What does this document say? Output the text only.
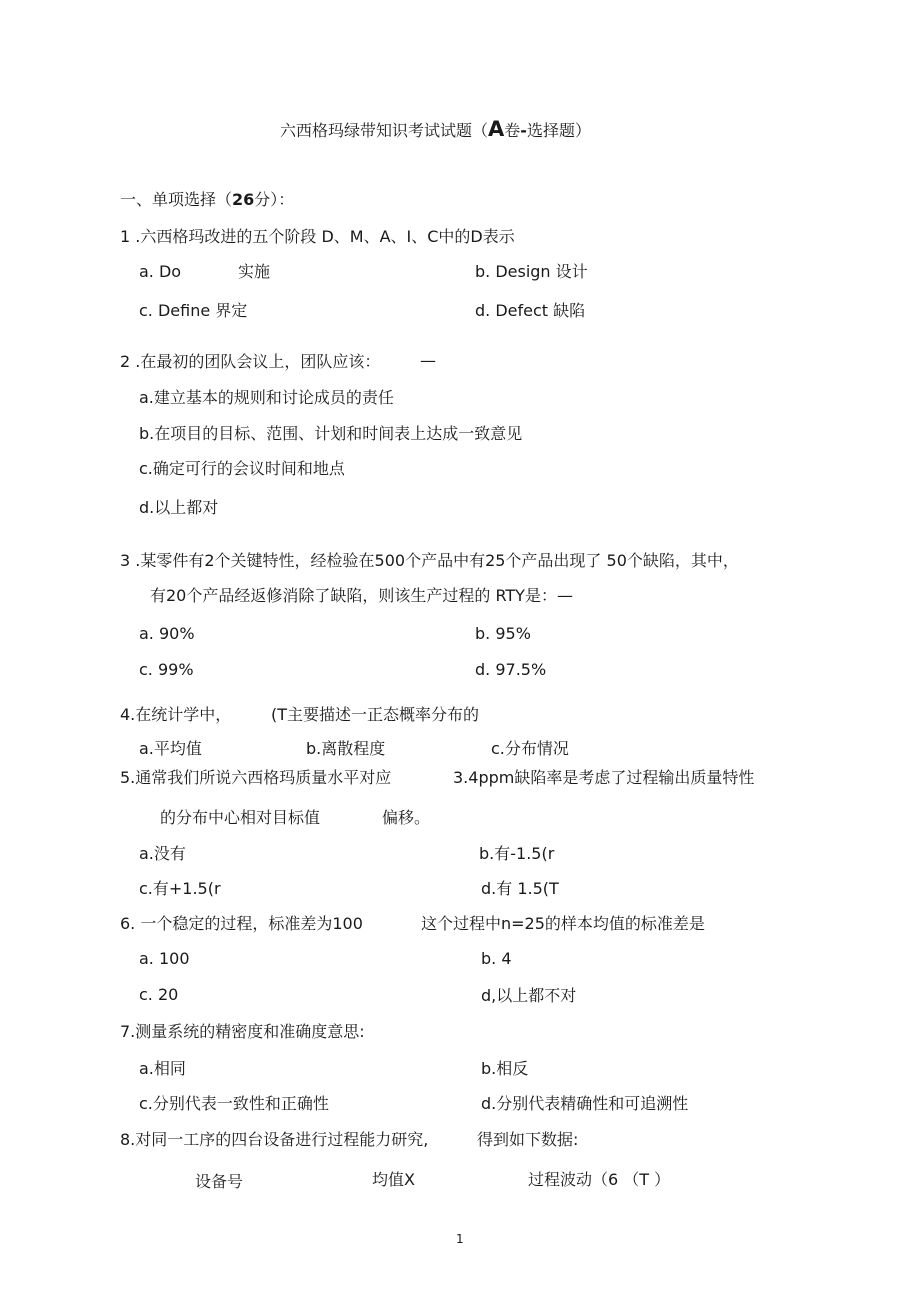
六西格玛绿带知识考试试题（A卷-选择题）
一、单项选择（26分）：
1 .六西格玛改进的五个阶段 D、M、A、I、C中的D表示
a. Do	实施	b. Design 设计
c. Define 界定	d. Defect 缺陷
2 .在最初的团队会议上，团队应该： —
a.建立基本的规则和讨论成员的责任
b.在项目的目标、范围、计划和时间表上达成一致意见
c.确定可行的会议时间和地点
d.以上都对
3 .某零件有2个关键特性，经检验在500个产品中有25个产品出现了 50个缺陷，其中，
有20个产品经返修消除了缺陷，则该生产过程的 RTY是：—
a. 90%	b. 95%
c. 99%	d. 97.5%
4.在统计学中， (T主要描述一正态概率分布的
a.平均值	b.离散程度	c.分布情况
5.通常我们所说六西格玛质量水平对应	3.4ppm缺陷率是考虑了过程输出质量特性
的分布中心相对目标值	偏移。
a.没有	b.有-1.5(r
c.有+1.5(r	d.有 1.5(T
6. 一个稳定的过程，标准差为100	这个过程中n=25的样本均值的标准差是
a. 100	b. 4
c. 20	d,以上都不对
7.测量系统的精密度和准确度意思:
a.相同	b.相反
c.分别代表一致性和正确性	d.分别代表精确性和可追溯性
8.对同一工序的四台设备进行过程能力研究,	得到如下数据:
设备号	均值X	过程波动（6 （T ）
1
